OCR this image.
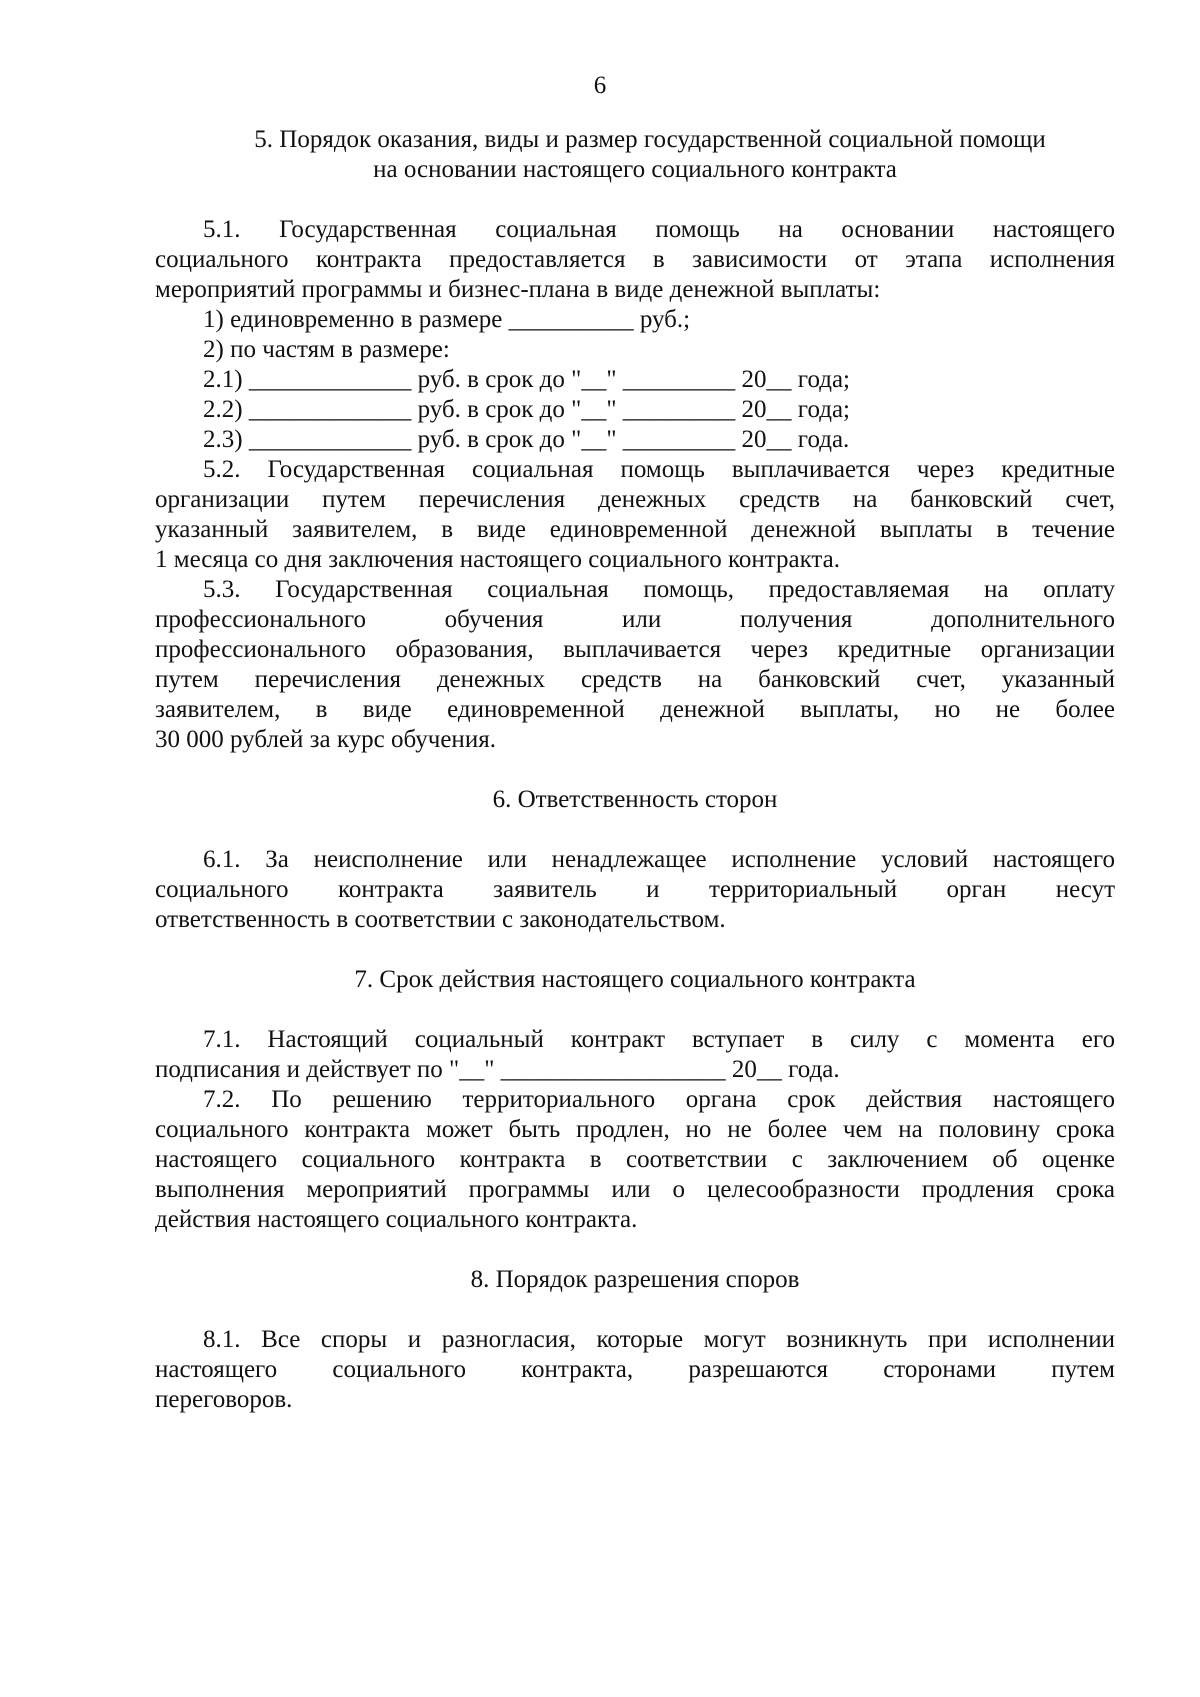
6
5. Порядок оказания, виды и размер государственной социальной помощи
на основании настоящего социального контракта
5.1. Государственная социальная помощь на основании настоящего
социального контракта предоставляется в зависимости от этапа исполнения
мероприятий программы и бизнес-плана в виде денежной выплаты:
1) единовременно в размере __________ руб.;
2) по частям в размере:
2.1) _____________ руб. в срок до "__" _________ 20__ года;
2.2) _____________ руб. в срок до "__" _________ 20__ года;
2.3) _____________ руб. в срок до "__" _________ 20__ года.
5.2. Государственная социальная помощь выплачивается через кредитные
организации путем перечисления денежных средств на банковский счет,
указанный заявителем, в виде единовременной денежной выплаты в течение
1 месяца со дня заключения настоящего социального контракта.
5.3. Государственная социальная помощь, предоставляемая на оплату
профессионального обучения или получения дополнительного
профессионального образования, выплачивается через кредитные организации
путем перечисления денежных средств на банковский счет, указанный
заявителем, в виде единовременной денежной выплаты, но не более
30 000 рублей за курс обучения.
6. Ответственность сторон
6.1. За неисполнение или ненадлежащее исполнение условий настоящего
социального контракта заявитель и территориальный орган несут
ответственность в соответствии с законодательством.
7. Срок действия настоящего социального контракта
7.1. Настоящий социальный контракт вступает в силу с момента его
подписания и действует по "__" __________________ 20__ года.
7.2. По решению территориального органа срок действия настоящего
социального контракта может быть продлен, но не более чем на половину срока
настоящего социального контракта в соответствии с заключением об оценке
выполнения мероприятий программы или о целесообразности продления срока
действия настоящего социального контракта.
8. Порядок разрешения споров
8.1. Все споры и разногласия, которые могут возникнуть при исполнении
настоящего социального контракта, разрешаются сторонами путем
переговоров.
